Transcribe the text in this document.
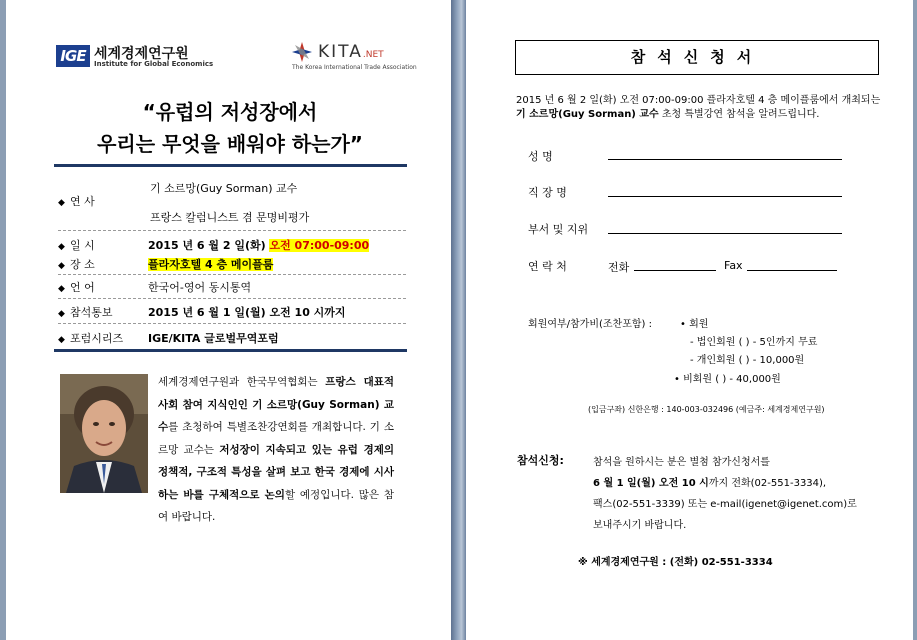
IGE 세계경제연구원
Institute for Global Economics
KITA.NET
The Korea International Trade Association
“유럽의 저성장에서
우리는 무엇을 배워야 하는가”
◆ 연 사
기 소르망(Guy Sorman) 교수
프랑스 칼럼니스트 겸 문명비평가
◆ 일 시	2015 년 6 월 2 일(화) 오전 07:00-09:00
◆ 장 소	플라자호텔 4 층 메이플룸
◆ 언 어	한국어-영어 동시통역
◆ 참석통보	2015 년 6 월 1 일(월) 오전 10 시까지
◆ 포럼시리즈 IGE/KITA 글로벌무역포럼
세계경제연구원과 한국무역협회는 프랑스 대표적 사회 참여 지식인인 기 소르망(Guy Sorman) 교수를 초청하여 특별조찬강연회를 개최합니다. 기 소르망 교수는 저성장이 지속되고 있는 유럽 경제의 정책적, 구조적 특성을 살펴 보고 한국 경제에 시사하는 바를 구체적으로 논의할 예정입니다. 많은 참여 바랍니다.
참석신청서
2015 년 6 월 2 일(화) 오전 07:00-09:00 플라자호텔 4 층 메이플룸에서 개최되는
기 소르망(Guy Sorman) 교수 초청 특별강연 참석을 알려드립니다.
성 명
직 장 명
부서 및 지위
연 락 처	전화	Fax
회원여부/참가비(조찬포함) :	• 회원
- 법인회원 ( ) - 5인까지 무료
- 개인회원 ( ) - 10,000원
• 비회원 ( ) - 40,000원
(입금구좌) 신한은행 : 140-003-032496 (예금주: 세계경제연구원)
참석신청:	참석을 원하시는 분은 별첨 참가신청서를
6 월 1 일(월) 오전 10 시까지 전화(02-551-3334),
팩스(02-551-3339) 또는 e-mail(igenet@igenet.com)로
보내주시기 바랍니다.
※ 세계경제연구원 : (전화) 02-551-3334
